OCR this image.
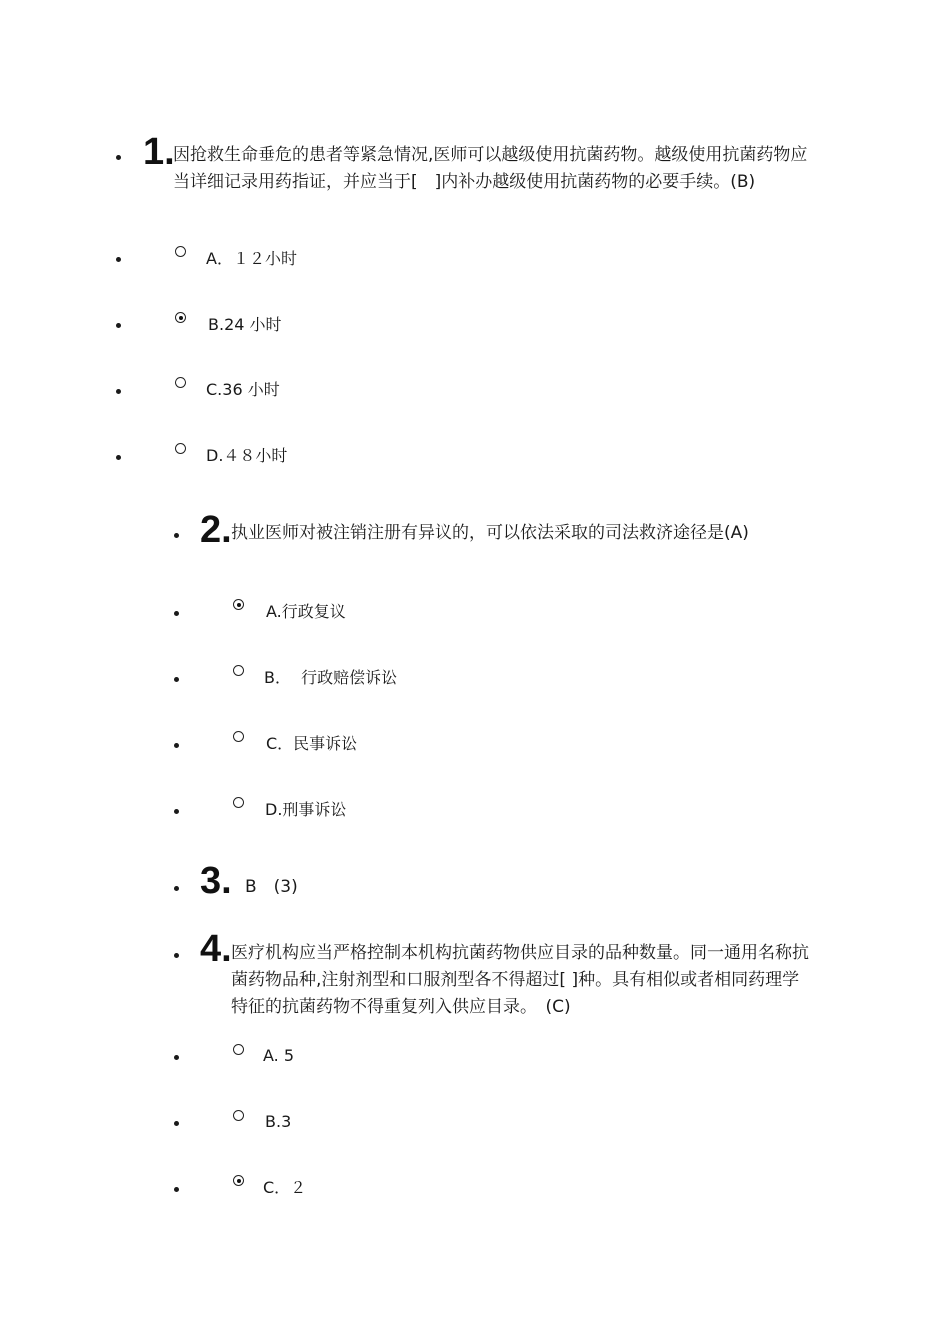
1.
因抢救生命垂危的患者等紧急情况,医师可以越级使用抗菌药物。越级使用抗菌药物应当详细记录用药指证，并应当于[　]内补办越级使用抗菌药物的必要手续。(B)
A．１２小时
B.24 小时
C.36 小时
D.４８小时
2. 执业医师对被注销注册有异议的，可以依法采取的司法救济途径是(A)
A.行政复议
B．  行政赔偿诉讼
C．民事诉讼
D.刑事诉讼
3. B　(3)
4. 医疗机构应当严格控制本机构抗菌药物供应目录的品种数量。同一通用名称抗菌药物品种,注射剂型和口服剂型各不得超过[ ]种。具有相似或者相同药理学特征的抗菌药物不得重复列入供应目录。　(C)
A. 5
B.3
C．２
